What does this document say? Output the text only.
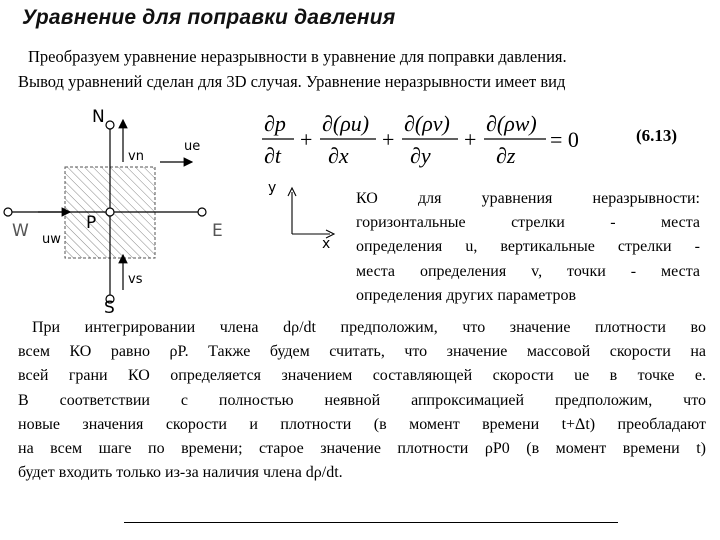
Уравнение для поправки давления
Преобразуем уравнение неразрывности в уравнение для поправки давления.
Вывод уравнений сделан для 3D случая. Уравнение неразрывности имеет вид
N
S
W	E
P
vn
ue
uw
vs
∂p
∂t
+
∂(ρu)
∂x
+
∂(ρv)
∂y
+
∂(ρw)
∂z
= 0	(6.13)
y
x
КО для уравнения неразрывности:
горизонтальные стрелки - места
определения u, вертикальные стрелки -
места определения v, точки - места
определения других параметров
При интегрировании члена dρ/dt предположим, что значение плотности во
всем КО равно ρP. Также будем считать, что значение массовой скорости на
всей грани КО определяется значением составляющей скорости ue в точке e.
В соответствии с полностью неявной аппроксимацией предположим, что
новые значения скорости и плотности (в момент времени t+Δt) преобладают
на всем шаге по времени; старое значение плотности ρP0 (в момент времени t)
будет входить только из-за наличия члена dρ/dt.
